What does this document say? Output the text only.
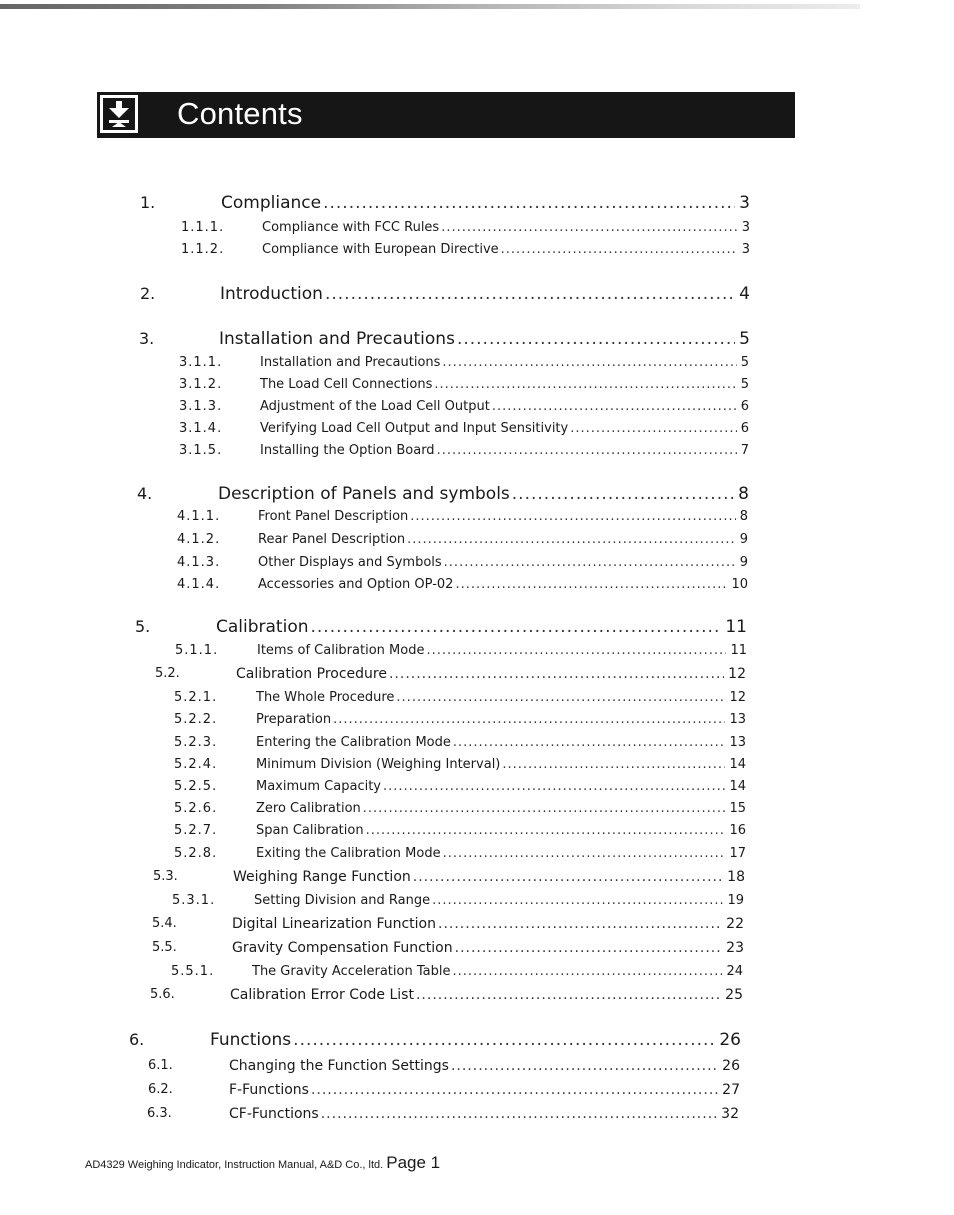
Contents
1.	Compliance .....	3
1.1.1.	Compliance with FCC Rules .....	3
1.1.2.	Compliance with European Directive .....	3
2.	Introduction .....	4
3.	Installation and Precautions .....	5
3.1.1.	Installation and Precautions .....	5
3.1.2.	The Load Cell Connections .....	5
3.1.3.	Adjustment of the Load Cell Output .....	6
3.1.4.	Verifying Load Cell Output and Input Sensitivity .....	6
3.1.5.	Installing the Option Board .....	7
4.	Description of Panels and symbols .....	8
4.1.1.	Front Panel Description .....	8
4.1.2.	Rear Panel Description .....	9
4.1.3.	Other Displays and Symbols .....	9
4.1.4.	Accessories and Option OP-02 .....	10
5.	Calibration .....	11
5.1.1.	Items of Calibration Mode .....	11
5.2.	Calibration Procedure .....	12
5.2.1.	The Whole Procedure .....	12
5.2.2.	Preparation .....	13
5.2.3.	Entering the Calibration Mode .....	13
5.2.4.	Minimum Division (Weighing Interval) .....	14
5.2.5.	Maximum Capacity .....	14
5.2.6.	Zero Calibration .....	15
5.2.7.	Span Calibration .....	16
5.2.8.	Exiting the Calibration Mode .....	17
5.3.	Weighing Range Function .....	18
5.3.1.	Setting Division and Range .....	19
5.4.	Digital Linearization Function .....	22
5.5.	Gravity Compensation Function .....	23
5.5.1.	The Gravity Acceleration Table .....	24
5.6.	Calibration Error Code List .....	25
6.	Functions .....	26
6.1.	Changing the Function Settings .....	26
6.2.	F-Functions .....	27
6.3.	CF-Functions .....	32
AD4329 Weighing Indicator, Instruction Manual, A&D Co., ltd. Page 1
